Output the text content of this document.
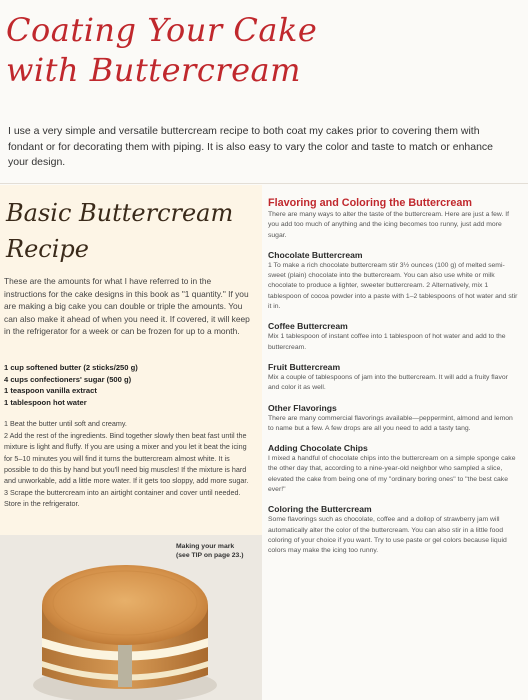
Coating Your Cake
with Buttercream
I use a very simple and versatile buttercream recipe to both coat my cakes prior to covering them with fondant or for decorating them with piping. It is also easy to vary the color and taste to match or enhance your design.
Basic Buttercream
Recipe
These are the amounts for what I have referred to in the instructions for the cake designs in this book as "1 quantity." If you are making a big cake you can double or triple the amounts. You can also make it ahead of when you need it. If covered, it will keep in the refrigerator for a week or can be frozen for up to a month.
1 cup softened butter (2 sticks/250 g)
4 cups confectioners' sugar (500 g)
1 teaspoon vanilla extract
1 tablespoon hot water

1 Beat the butter until soft and creamy.

2 Add the rest of the ingredients. Bind together slowly then beat fast until the mixture is light and fluffy. If you are using a mixer and you let it beat the icing for 5–10 minutes you will find it turns the buttercream almost white. It is possible to do this by hand but you'll need big muscles! If the mixture is hard and unworkable, add a little more water. If it gets too sloppy, add more sugar.

3 Scrape the buttercream into an airtight container and cover until needed. Store in the refrigerator.

Making your mark
(see TIP on page 23.)
Flavoring and Coloring the Buttercream

There are many ways to alter the taste of the buttercream. Here are just a few. If you add too much of anything and the icing becomes too runny, just add more sugar.

Chocolate Buttercream

1 To make a rich chocolate buttercream stir 3½ ounces (100 g) of melted semi-sweet (plain) chocolate into the buttercream. You can also use white or milk chocolate to produce a lighter, sweeter buttercream. 2 Alternatively, mix 1 tablespoon of cocoa powder into a paste with 1–2 tablespoons of hot water and stir it in.

Coffee Buttercream

Mix 1 tablespoon of instant coffee into 1 tablespoon of hot water and add to the buttercream.

Fruit Buttercream

Mix a couple of tablespoons of jam into the buttercream. It will add a fruity flavor and color it as well.

Other Flavorings

There are many commercial flavorings available—peppermint, almond and lemon to name but a few. A few drops are all you need to add a tasty tang.

Adding Chocolate Chips

I mixed a handful of chocolate chips into the buttercream on a simple sponge cake the other day that, according to a nine-year-old neighbor who sampled a slice, elevated the cake from being one of my "ordinary boring ones" to "the best cake ever!"

Coloring the Buttercream

Some flavorings such as chocolate, coffee and a dollop of strawberry jam will automatically alter the color of the buttercream. You can also stir in a little food coloring of your choice if you want. Try to use paste or gel colors because liquid colors may make the icing too runny.
